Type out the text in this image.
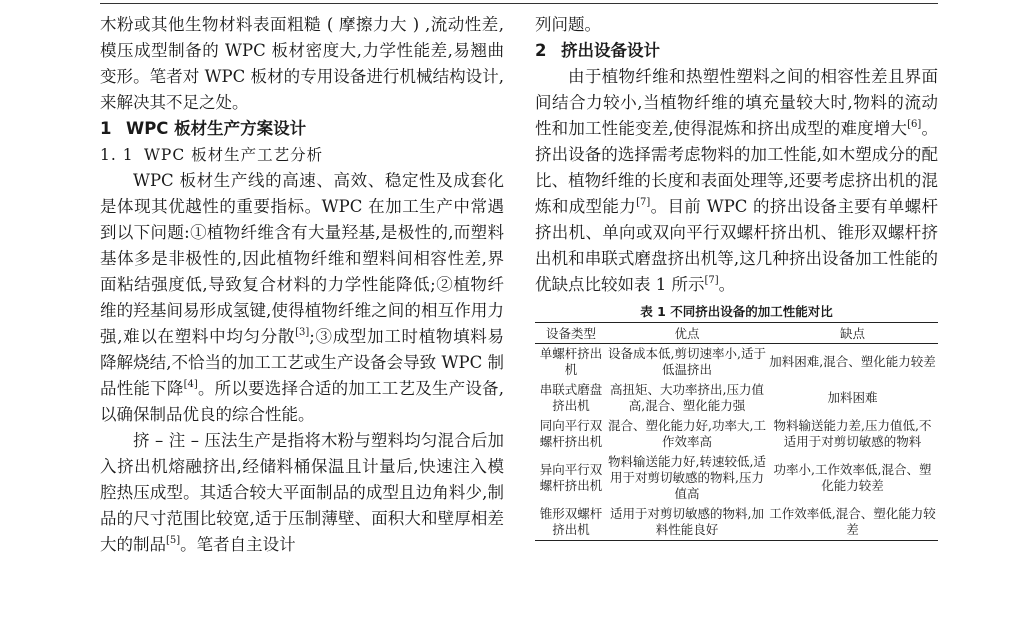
木粉或其他生物材料表面粗糙 ( 摩擦力大 ) ,流动性差,模压成型制备的 WPC 板材密度大,力学性能差,易翘曲变形。笔者对 WPC 板材的专用设备进行机械结构设计,来解决其不足之处。

1 WPC 板材生产方案设计
1. 1 WPC 板材生产工艺分析

WPC 板材生产线的高速、高效、稳定性及成套化是体现其优越性的重要指标。WPC 在加工生产中常遇到以下问题:①植物纤维含有大量羟基,是极性的,而塑料基体多是非极性的,因此植物纤维和塑料间相容性差,界面粘结强度低,导致复合材料的力学性能降低;②植物纤维的羟基间易形成氢键,使得植物纤维之间的相互作用力强,难以在塑料中均匀分散[3];③成型加工时植物填料易降解烧结,不恰当的加工工艺或生产设备会导致 WPC 制品性能下降[4]。所以要选择合适的加工工艺及生产设备,以确保制品优良的综合性能。

挤 – 注 – 压法生产是指将木粉与塑料均匀混合后加入挤出机熔融挤出,经储料桶保温且计量后,快速注入模腔热压成型。其适合较大平面制品的成型且边角料少,制品的尺寸范围比较宽,适于压制薄壁、面积大和壁厚相差大的制品[5]。笔者自主设计

列问题。

2 挤出设备设计

由于植物纤维和热塑性塑料之间的相容性差且界面间结合力较小,当植物纤维的填充量较大时,物料的流动性和加工性能变差,使得混炼和挤出成型的难度增大[6]。挤出设备的选择需考虑物料的加工性能,如木塑成分的配比、植物纤维的长度和表面处理等,还要考虑挤出机的混炼和成型能力[7]。目前 WPC 的挤出设备主要有单螺杆挤出机、单向或双向平行双螺杆挤出机、锥形双螺杆挤出机和串联式磨盘挤出机等,这几种挤出设备加工性能的优缺点比较如表 1 所示[7]。

表 1 不同挤出设备的加工性能对比
设备类型	优点	缺点
单螺杆挤出机	设备成本低,剪切速率小,适于低温挤出	加料困难,混合、塑化能力较差
串联式磨盘挤出机	高扭矩、大功率挤出,压力值高,混合、塑化能力强	加料困难
同向平行双螺杆挤出机	混合、塑化能力好,功率大,工作效率高	物料输送能力差,压力值低,不适用于对剪切敏感的物料
异向平行双螺杆挤出机	物料输送能力好,转速较低,适用于对剪切敏感的物料,压力值高	功率小,工作效率低,混合、塑化能力较差
锥形双螺杆挤出机	适用于对剪切敏感的物料,加料性能良好	工作效率低,混合、塑化能力较差
